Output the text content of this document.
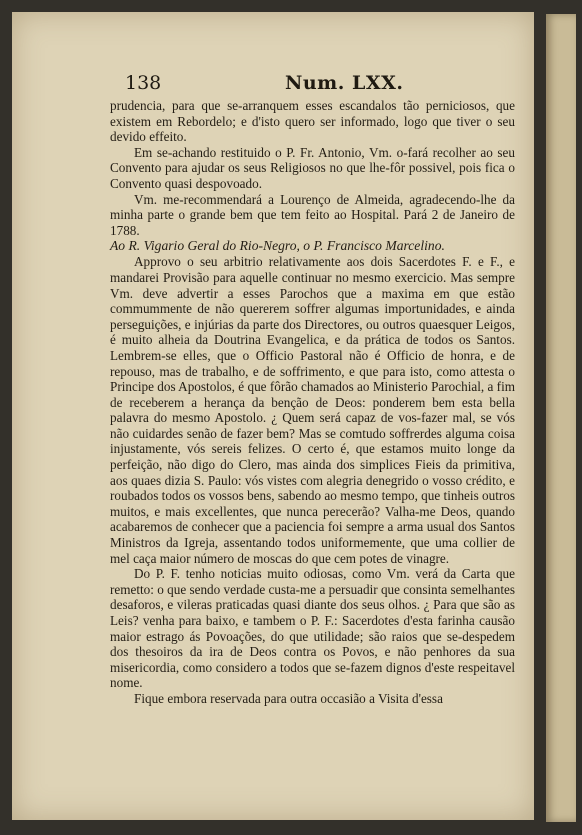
138	Num. LXX.

prudencia, para que se-arranquem esses escandalos tão perniciosos, que existem em Rebordelo; e d'isto quero ser informado, logo que tiver o seu devido effeito.

Em se-achando restituido o P. Fr. Antonio, Vm. o-fará recolher ao seu Convento para ajudar os seus Religiosos no que lhe-fôr possivel, pois fica o Convento quasi despovoado.

Vm. me-recommendará a Lourenço de Almeida, agradecendo-lhe da minha parte o grande bem que tem feito ao Hospital. Pará 2 de Janeiro de 1788.

Ao R. Vigario Geral do Rio-Negro, o P. Francisco Marcelino.

Approvo o seu arbitrio relativamente aos dois Sacerdotes F. e F., e mandarei Provisão para aquelle continuar no mesmo exercicio. Mas sempre Vm. deve advertir a esses Parochos que a maxima em que estão commummente de não quererem soffrer algumas importunidades, e ainda perseguições, e injúrias da parte dos Directores, ou outros quaesquer Leigos, é muito alheia da Doutrina Evangelica, e da prática de todos os Santos. Lembrem-se elles, que o Officio Pastoral não é Officio de honra, e de repouso, mas de trabalho, e de soffrimento, e que para isto, como attesta o Principe dos Apostolos, é que fôrão chamados ao Ministerio Parochial, a fim de receberem a herança da benção de Deos: ponderem bem esta bella palavra do mesmo Apostolo. ¿ Quem será capaz de vos-fazer mal, se vós não cuidardes senão de fazer bem? Mas se comtudo soffrerdes alguma coisa injustamente, vós sereis felizes. O certo é, que estamos muito longe da perfeição, não digo do Clero, mas ainda dos simplices Fieis da primitiva, aos quaes dizia S. Paulo: vós vistes com alegria denegrido o vosso crédito, e roubados todos os vossos bens, sabendo ao mesmo tempo, que tinheis outros muitos, e mais excellentes, que nunca perecerão? Valha-me Deos, quando acabaremos de conhecer que a paciencia foi sempre a arma usual dos Santos Ministros da Igreja, assentando todos uniformemente, que uma collier de mel caça maior número de moscas do que cem potes de vinagre.

Do P. F. tenho noticias muito odiosas, como Vm. verá da Carta que remetto: o que sendo verdade custa-me a persuadir que consinta semelhantes desaforos, e vileras praticadas quasi diante dos seus olhos. ¿ Para que são as Leis? venha para baixo, e tambem o P. F.: Sacerdotes d'esta farinha causão maior estrago ás Povoações, do que utilidade; são raios que se-despedem dos thesoiros da ira de Deos contra os Povos, e não penhores da sua misericordia, como considero a todos que se-fazem dignos d'este respeitavel nome.

Fique embora reservada para outra occasião a Visita d'essa
